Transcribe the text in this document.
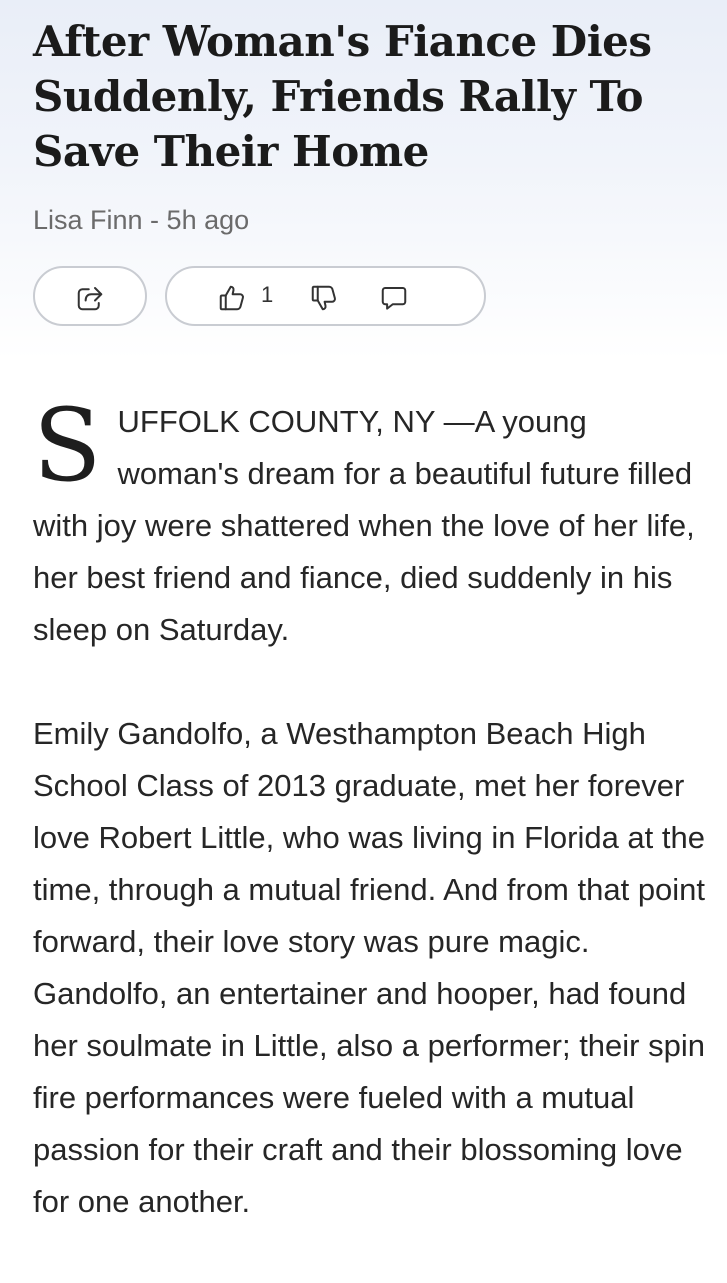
After Woman's Fiance Dies Suddenly, Friends Rally To Save Their Home
Lisa Finn - 5h ago
1

SUFFOLK COUNTY, NY —A young woman's dream for a beautiful future filled with joy were shattered when the love of her life, her best friend and fiance, died suddenly in his sleep on Saturday.

Emily Gandolfo, a Westhampton Beach High School Class of 2013 graduate, met her forever love Robert Little, who was living in Florida at the time, through a mutual friend. And from that point forward, their love story was pure magic. Gandolfo, an entertainer and hooper, had found her soulmate in Little, also a performer; their spin fire performances were fueled with a mutual passion for their craft and their blossoming love for one another.
